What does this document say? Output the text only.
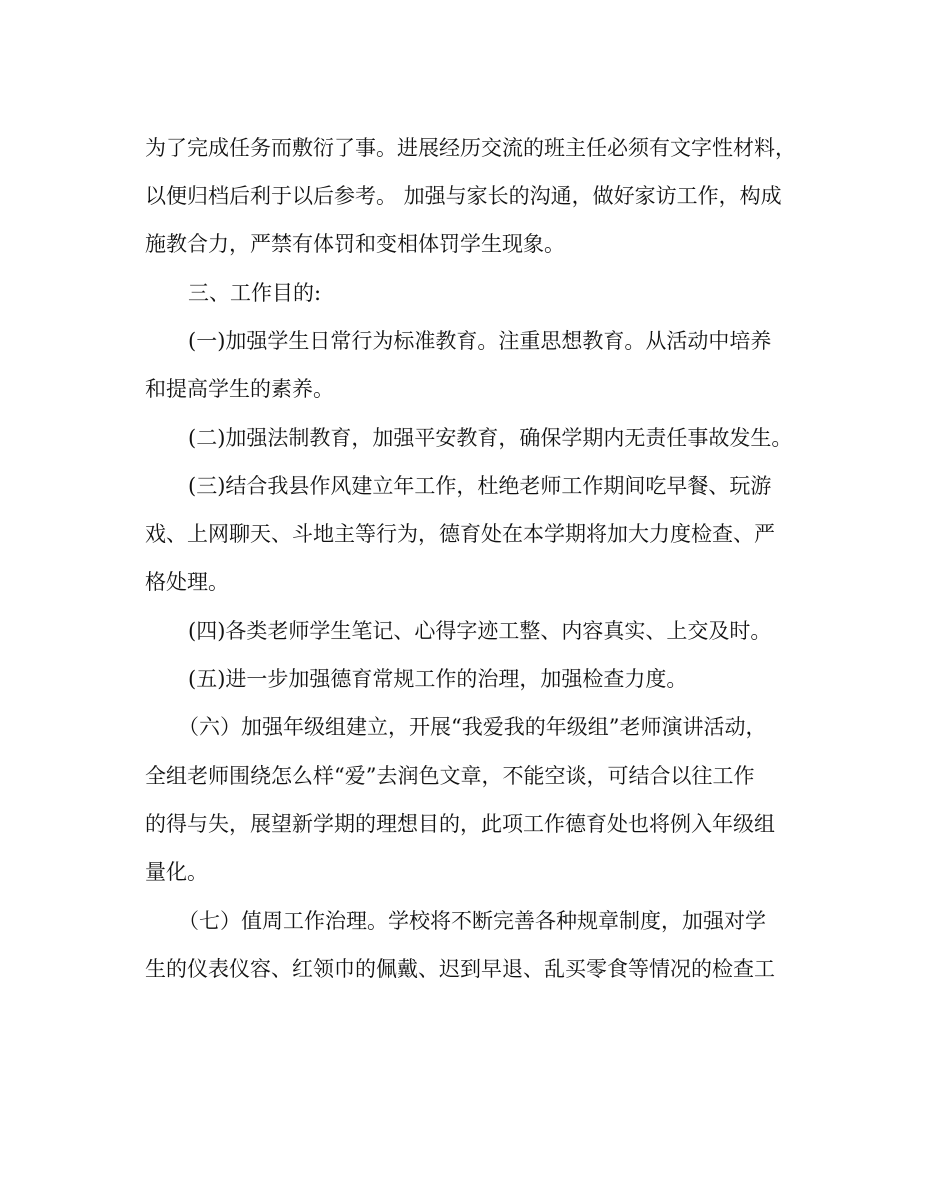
为了完成任务而敷衍了事。进展经历交流的班主任必须有文字性材料，
以便归档后利于以后参考。 加强与家长的沟通，做好家访工作，构成
施教合力，严禁有体罚和变相体罚学生现象。
三、工作目的:
(一)加强学生日常行为标准教育。注重思想教育。从活动中培养
和提高学生的素养。
(二)加强法制教育，加强平安教育，确保学期内无责任事故发生。
(三)结合我县作风建立年工作，杜绝老师工作期间吃早餐、玩游
戏、上网聊天、斗地主等行为，德育处在本学期将加大力度检查、严
格处理。
(四)各类老师学生笔记、心得字迹工整、内容真实、上交及时。
(五)进一步加强德育常规工作的治理，加强检查力度。
（六）加强年级组建立，开展“我爱我的年级组”老师演讲活动，
全组老师围绕怎么样“爱”去润色文章，不能空谈，可结合以往工作
的得与失，展望新学期的理想目的，此项工作德育处也将例入年级组
量化。
（七）值周工作治理。学校将不断完善各种规章制度，加强对学
生的仪表仪容、红领巾的佩戴、迟到早退、乱买零食等情况的检查工
